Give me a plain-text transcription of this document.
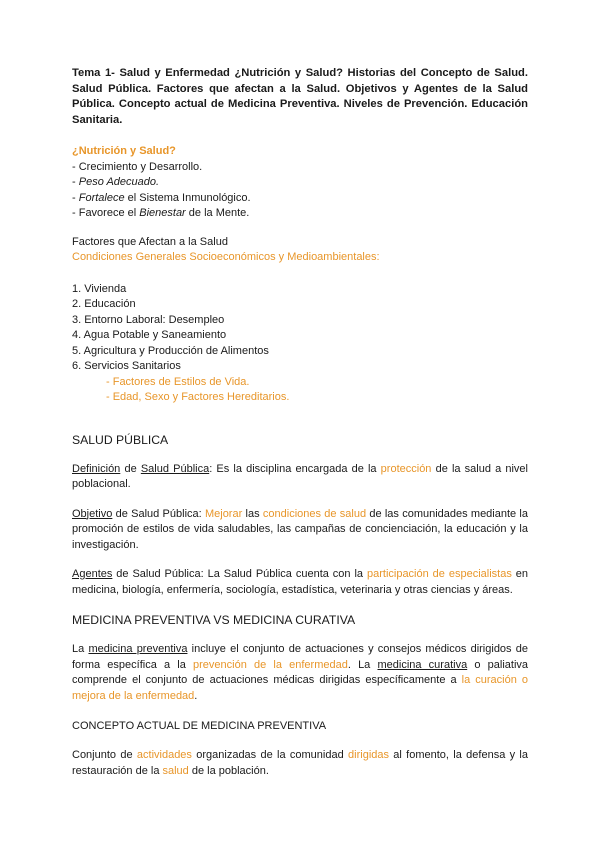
Tema 1- Salud y Enfermedad ¿Nutrición y Salud? Historias del Concepto de Salud. Salud Pública. Factores que afectan a la Salud. Objetivos y Agentes de la Salud Pública. Concepto actual de Medicina Preventiva. Niveles de Prevención. Educación Sanitaria.

¿Nutrición y Salud?

- Crecimiento y Desarrollo.

- Peso Adecuado.

- Fortalece el Sistema Inmunológico.

- Favorece el Bienestar de la Mente.

Factores que Afectan a la Salud

Condiciones Generales Socioeconómicos y Medioambientales:

1. Vivienda

2. Educación

3. Entorno Laboral: Desempleo

4. Agua Potable y Saneamiento

5. Agricultura y Producción de Alimentos

6. Servicios Sanitarios

- Factores de Estilos de Vida.

- Edad, Sexo y Factores Hereditarios.

SALUD PÚBLICA

Definición de Salud Pública: Es la disciplina encargada de la protección de la salud a nivel poblacional.

Objetivo de Salud Pública: Mejorar las condiciones de salud de las comunidades mediante la promoción de estilos de vida saludables, las campañas de concienciación, la educación y la investigación.

Agentes de Salud Pública: La Salud Pública cuenta con la participación de especialistas en medicina, biología, enfermería, sociología, estadística, veterinaria y otras ciencias y áreas.

MEDICINA PREVENTIVA VS MEDICINA CURATIVA

La medicina preventiva incluye el conjunto de actuaciones y consejos médicos dirigidos de forma específica a la prevención de la enfermedad. La medicina curativa o paliativa comprende el conjunto de actuaciones médicas dirigidas específicamente a la curación o mejora de la enfermedad.

CONCEPTO ACTUAL DE MEDICINA PREVENTIVA

Conjunto de actividades organizadas de la comunidad dirigidas al fomento, la defensa y la restauración de la salud de la población.
